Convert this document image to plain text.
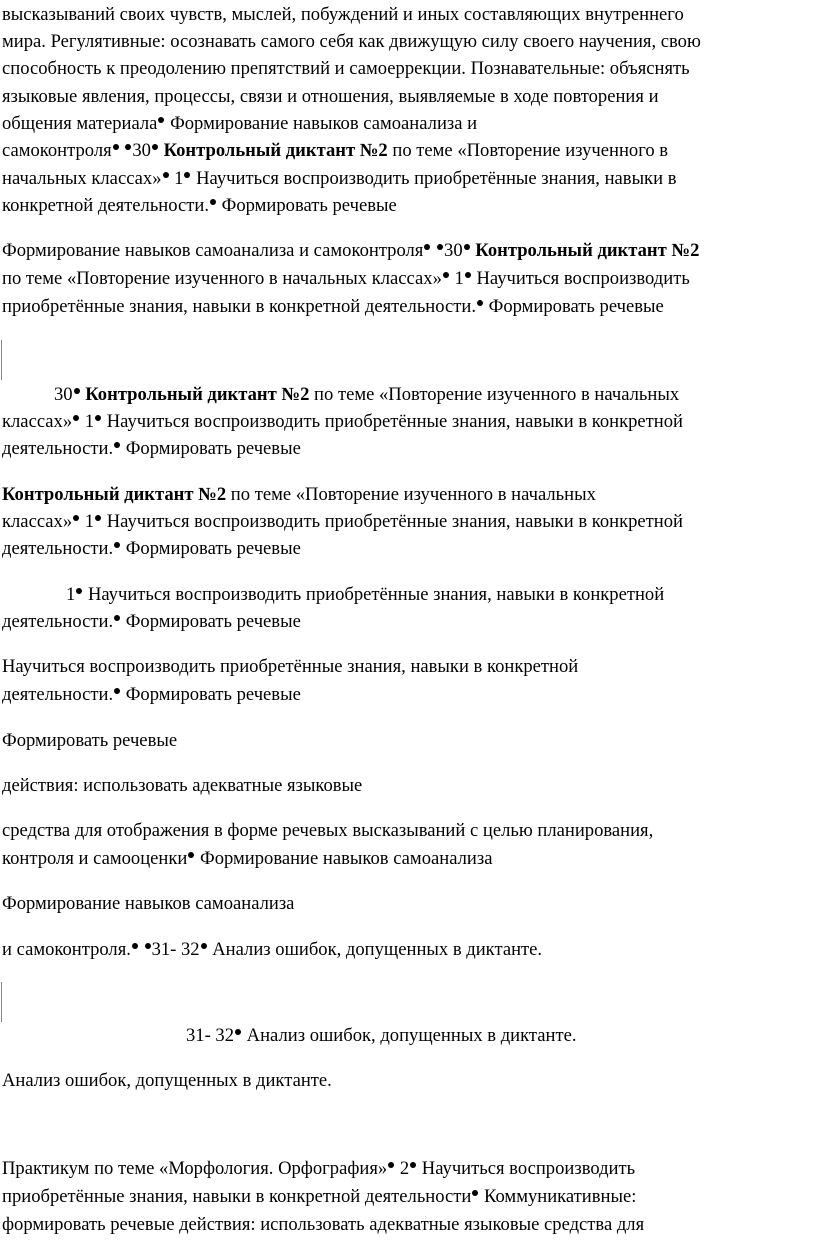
высказываний своих чувств, мыслей, побуждений и иных составляющих внутреннего
мира. Регулятивные: осознавать самого себя как движущую силу своего научения, свою
способность к преодолению препятствий и самоеррекции. Познавательные: объяснять
языковые явления, процессы, связи и отношения, выявляемые в ходе повторения и
общения материала Формирование навыков самоанализа и
самоконтроля 30 Контрольный диктант №2 по теме «Повторение изученного в
начальных классах» 1 Научиться воспроизводить приобретённые знания, навыки в
конкретной деятельности. Формировать речевые
Формирование навыков самоанализа и самоконтроля 30 Контрольный диктант №2
по теме «Повторение изученного в начальных классах» 1 Научиться воспроизводить
приобретённые знания, навыки в конкретной деятельности. Формировать речевые
30 Контрольный диктант №2 по теме «Повторение изученного в начальных
классах» 1 Научиться воспроизводить приобретённые знания, навыки в конкретной
деятельности. Формировать речевые
Контрольный диктант №2 по теме «Повторение изученного в начальных
классах» 1 Научиться воспроизводить приобретённые знания, навыки в конкретной
деятельности. Формировать речевые
1 Научиться воспроизводить приобретённые знания, навыки в конкретной
деятельности. Формировать речевые
Научиться воспроизводить приобретённые знания, навыки в конкретной
деятельности. Формировать речевые
Формировать речевые
действия: использовать адекватные языковые
средства для отображения в форме речевых высказываний с целью планирования,
контроля и самооценки Формирование навыков самоанализа
Формирование навыков самоанализа
и самоконтроля. 31- 32 Анализ ошибок, допущенных в диктанте.
31- 32 Анализ ошибок, допущенных в диктанте.
Анализ ошибок, допущенных в диктанте.
Практикум по теме «Морфология. Орфография» 2 Научиться воспроизводить
приобретённые знания, навыки в конкретной деятельности Коммуникативные:
формировать речевые действия: использовать адекватные языковые средства для
